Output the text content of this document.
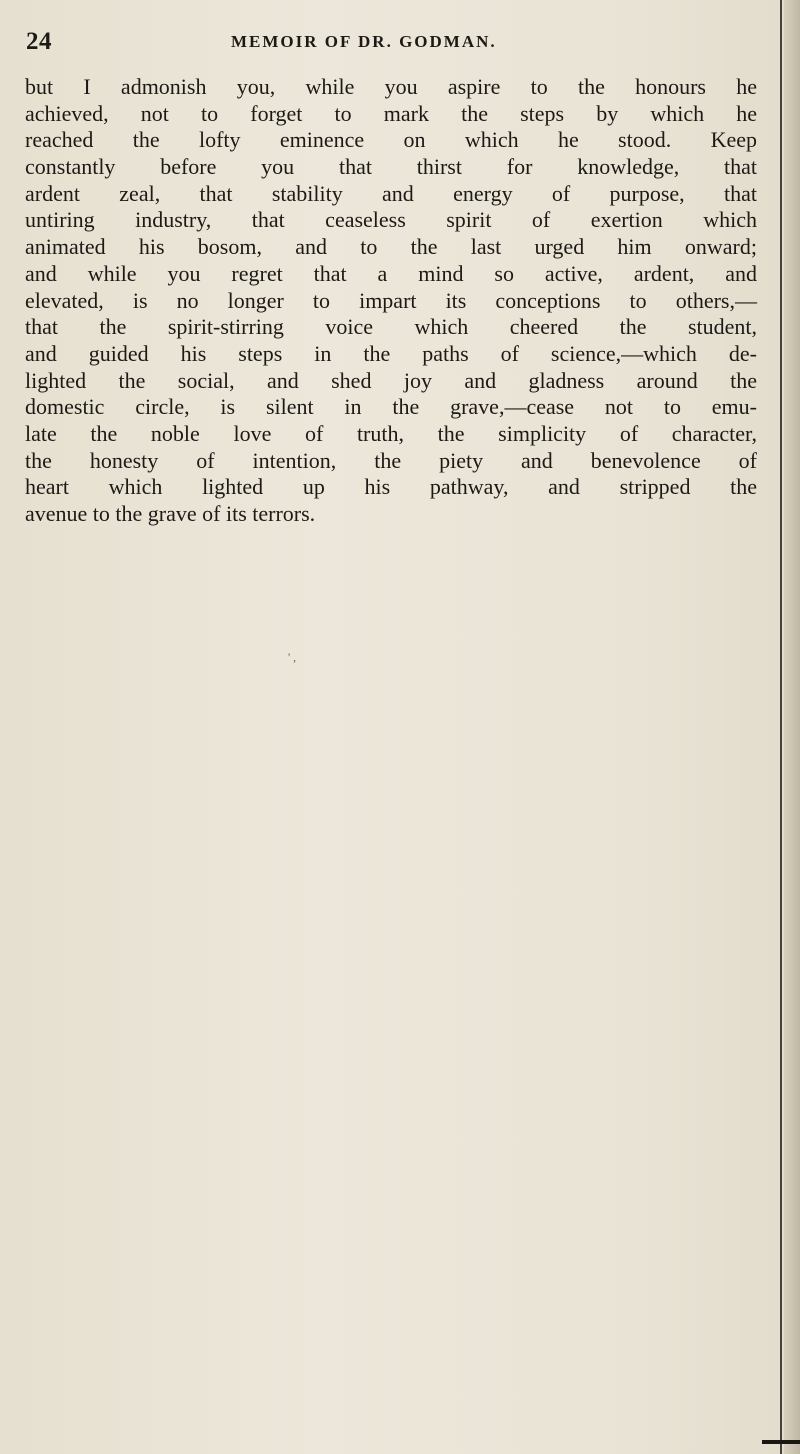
24	MEMOIR OF DR. GODMAN.
but I admonish you, while you aspire to the honours he
achieved, not to forget to mark the steps by which he
reached the lofty eminence on which he stood. Keep
constantly before you that thirst for knowledge, that
ardent zeal, that stability and energy of purpose, that
untiring industry, that ceaseless spirit of exertion which
animated his bosom, and to the last urged him onward;
and while you regret that a mind so active, ardent, and
elevated, is no longer to impart its conceptions to others,—
that the spirit-stirring voice which cheered the student,
and guided his steps in the paths of science,—which de-
lighted the social, and shed joy and gladness around the
domestic circle, is silent in the grave,—cease not to emu-
late the noble love of truth, the simplicity of character,
the honesty of intention, the piety and benevolence of
heart which lighted up his pathway, and stripped the
avenue to the grave of its terrors.
' ,
